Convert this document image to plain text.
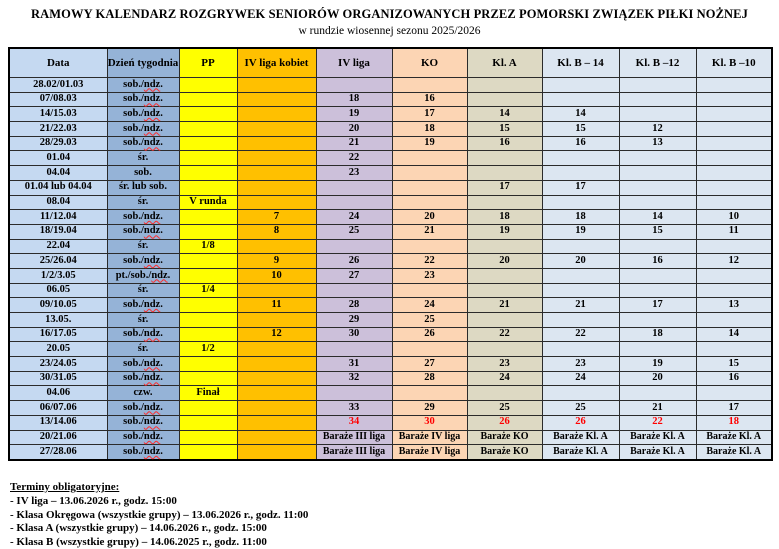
RAMOWY KALENDARZ ROZGRYWEK SENIORÓW ORGANIZOWANYCH PRZEZ POMORSKI ZWIĄZEK PIŁKI NOŻNEJ
w rundzie wiosennej sezonu 2025/2026
Data	Dzień tygodnia	PP	IV liga kobiet	IV liga	KO	Kl. A	Kl. B – 14	Kl. B –12	Kl. B –10
28.02/01.03	sob./ndz.								
07/08.03	sob./ndz.			18	16				
14/15.03	sob./ndz.			19	17	14	14		
21/22.03	sob./ndz.			20	18	15	15	12	
28/29.03	sob./ndz.			21	19	16	16	13	
01.04	śr.			22					
04.04	sob.			23					
01.04 lub 04.04	śr. lub sob.					17	17		
08.04	śr.	V runda							
11/12.04	sob./ndz.		7	24	20	18	18	14	10
18/19.04	sob./ndz.		8	25	21	19	19	15	11
22.04	śr.	1/8							
25/26.04	sob./ndz.		9	26	22	20	20	16	12
1/2/3.05	pt./sob./ndz.		10	27	23				
06.05	śr.	1/4							
09/10.05	sob./ndz.		11	28	24	21	21	17	13
13.05.	śr.			29	25				
16/17.05	sob./ndz.		12	30	26	22	22	18	14
20.05	śr.	1/2							
23/24.05	sob./ndz.			31	27	23	23	19	15
30/31.05	sob./ndz.			32	28	24	24	20	16
04.06	czw.	Finał							
06/07.06	sob./ndz.			33	29	25	25	21	17
13/14.06	sob./ndz.			34	30	26	26	22	18
20/21.06	sob./ndz.			Baraże III liga	Baraże IV liga	Baraże KO	Baraże Kl. A	Baraże Kl. A	Baraże Kl. A
27/28.06	sob./ndz.			Baraże III liga	Baraże IV liga	Baraże KO	Baraże Kl. A	Baraże Kl. A	Baraże Kl. A
Terminy obligatoryjne:
- IV liga – 13.06.2026 r., godz. 15:00
- Klasa Okręgowa (wszystkie grupy) – 13.06.2026 r., godz. 11:00
- Klasa A (wszystkie grupy) – 14.06.2026 r., godz. 15:00
- Klasa B (wszystkie grupy) – 14.06.2025 r., godz. 11:00
